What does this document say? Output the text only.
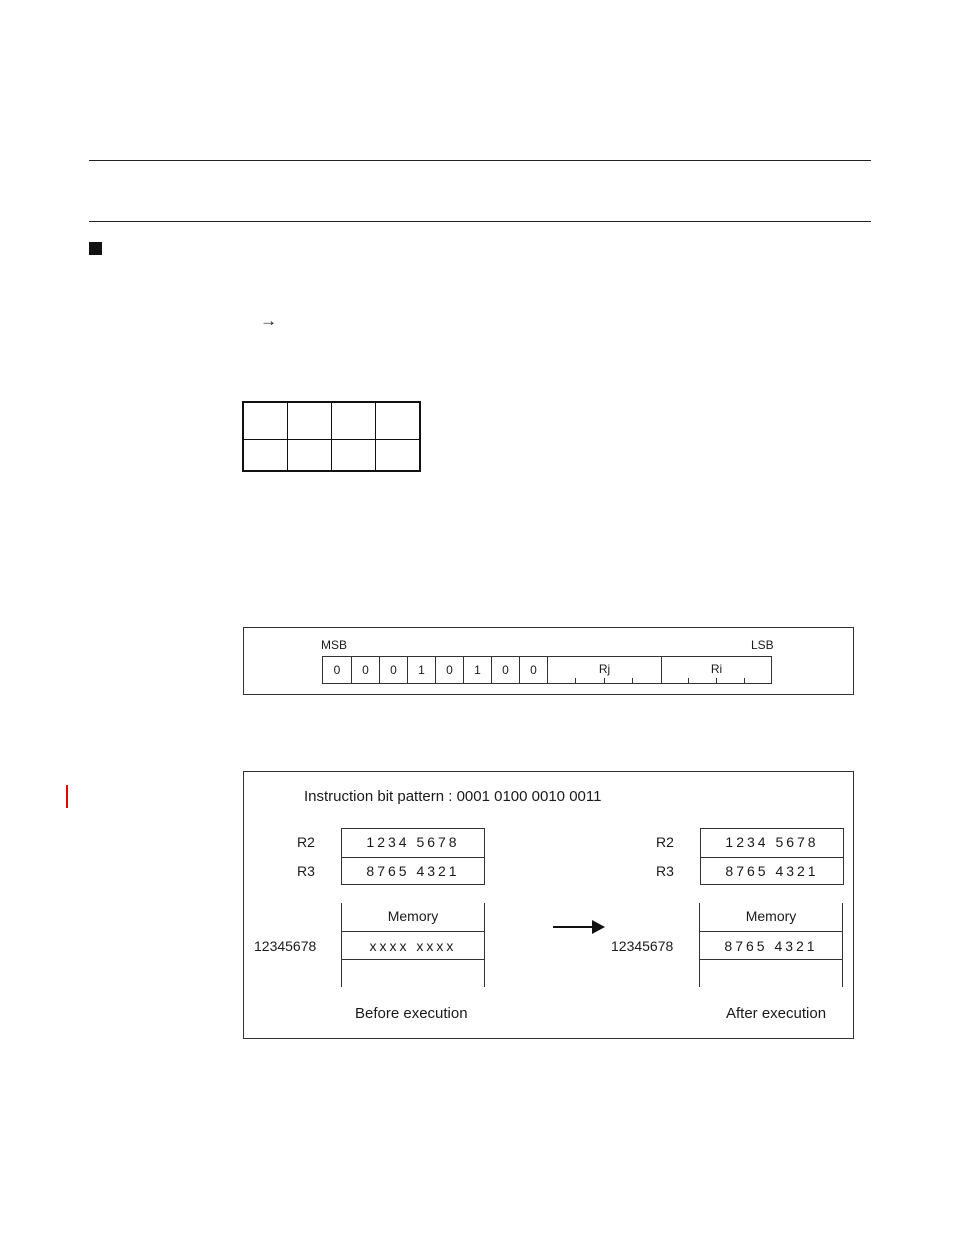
→

MSB	LSB
0	0	0	1	0	1	0	0	Rj	Ri
Instruction bit pattern : 0001 0100 0010 0011
R2	1234 5678
R3	8765 4321
Memory
xxxx xxxx
12345678
Before execution
R2	1234 5678
R3	8765 4321
Memory
8765 4321
12345678
After execution
